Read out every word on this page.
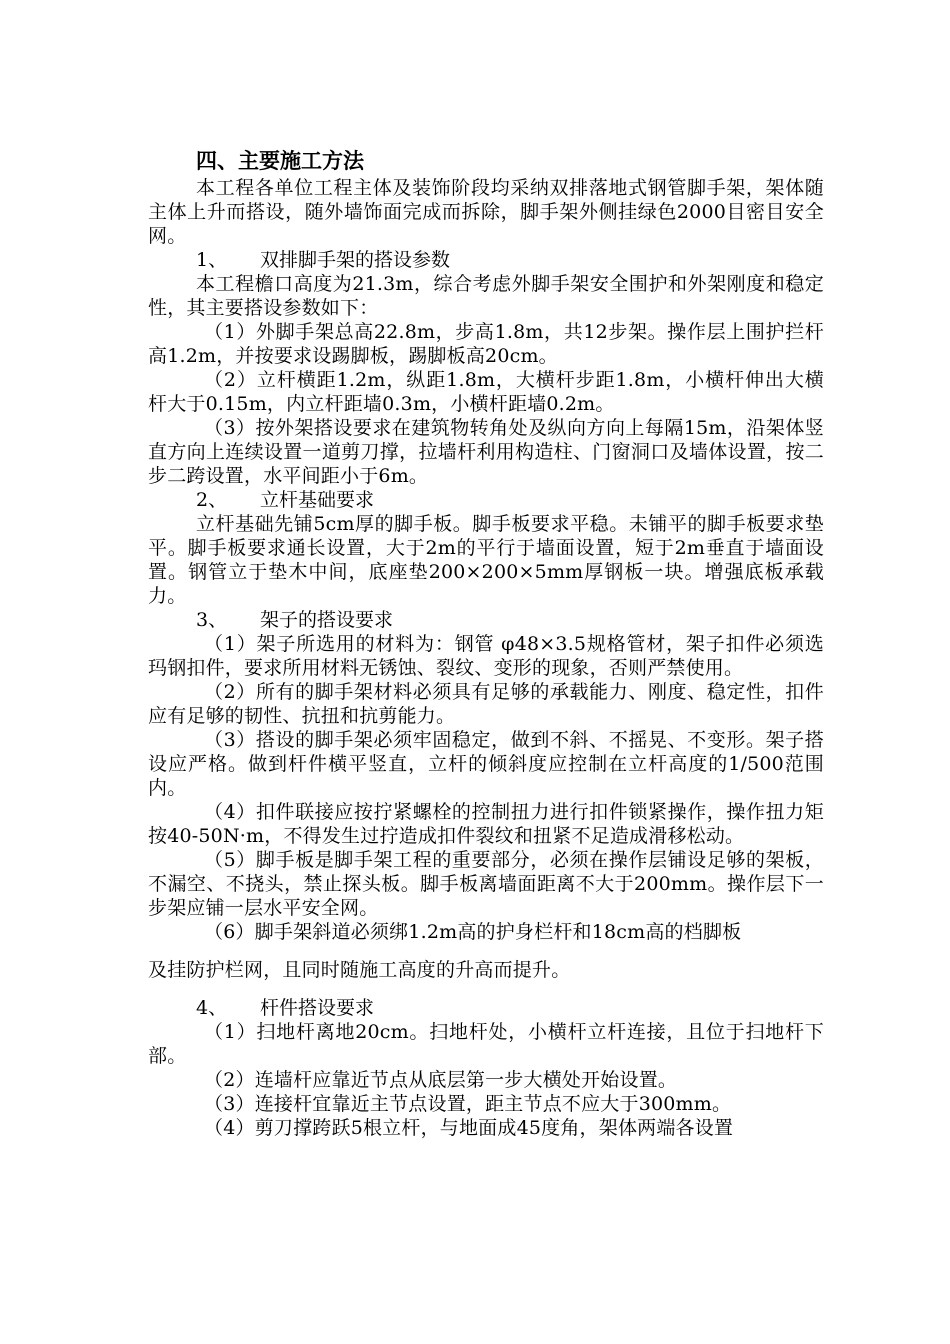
四、主要施工方法

本工程各单位工程主体及装饰阶段均采纳双排落地式钢管脚手架，架体随主体上升而搭设，随外墙饰面完成而拆除，脚手架外侧挂绿色2000目密目安全网。

1、 双排脚手架的搭设参数

本工程檐口高度为21.3m，综合考虑外脚手架安全围护和外架刚度和稳定性，其主要搭设参数如下：

（1）外脚手架总高22.8m，步高1.8m，共12步架。操作层上围护拦杆高1.2m，并按要求设踢脚板，踢脚板高20cm。

（2）立杆横距1.2m，纵距1.8m，大横杆步距1.8m，小横杆伸出大横杆大于0.15m，内立杆距墙0.3m，小横杆距墙0.2m。

（3）按外架搭设要求在建筑物转角处及纵向方向上每隔15m，沿架体竖直方向上连续设置一道剪刀撑，拉墙杆利用构造柱、门窗洞口及墙体设置，按二步二跨设置，水平间距小于6m。

2、 立杆基础要求

立杆基础先铺5cm厚的脚手板。脚手板要求平稳。未铺平的脚手板要求垫平。脚手板要求通长设置，大于2m的平行于墙面设置，短于2m垂直于墙面设置。钢管立于垫木中间，底座垫200×200×5mm厚钢板一块。增强底板承载力。

3、 架子的搭设要求

（1）架子所选用的材料为：钢管 φ48×3.5规格管材，架子扣件必须选玛钢扣件，要求所用材料无锈蚀、裂纹、变形的现象，否则严禁使用。

（2）所有的脚手架材料必须具有足够的承载能力、刚度、稳定性，扣件应有足够的韧性、抗扭和抗剪能力。

（3）搭设的脚手架必须牢固稳定，做到不斜、不摇晃、不变形。架子搭设应严格。做到杆件横平竖直，立杆的倾斜度应控制在立杆高度的1/500范围内。

（4）扣件联接应按拧紧螺栓的控制扭力进行扣件锁紧操作，操作扭力矩按40-50N·m，不得发生过拧造成扣件裂纹和扭紧不足造成滑移松动。

（5）脚手板是脚手架工程的重要部分，必须在操作层铺设足够的架板，不漏空、不挠头，禁止探头板。脚手板离墙面距离不大于200mm。操作层下一步架应铺一层水平安全网。

（6）脚手架斜道必须绑1.2m高的护身栏杆和18cm高的档脚板

及挂防护栏网，且同时随施工高度的升高而提升。

4、 杆件搭设要求

（1）扫地杆离地20cm。扫地杆处，小横杆立杆连接，且位于扫地杆下部。

（2）连墙杆应靠近节点从底层第一步大横处开始设置。

（3）连接杆宜靠近主节点设置，距主节点不应大于300mm。

（4）剪刀撑跨跃5根立杆，与地面成45度角，架体两端各设置
